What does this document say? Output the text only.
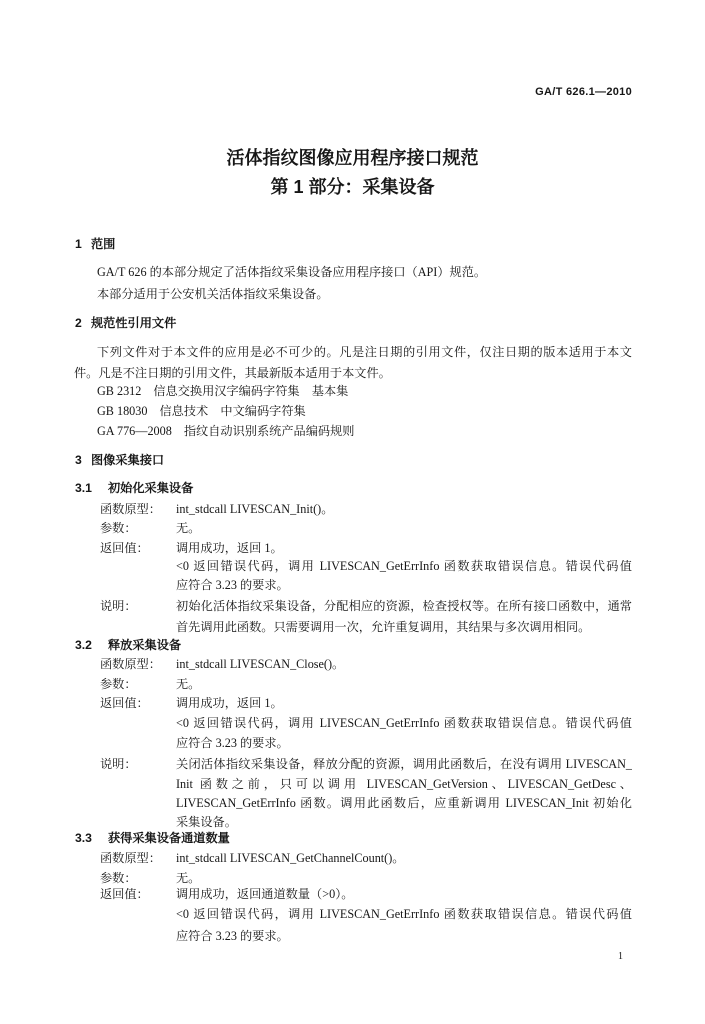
GA/T 626.1—2010
活体指纹图像应用程序接口规范
第 1 部分：采集设备
1 范围
GA/T 626 的本部分规定了活体指纹采集设备应用程序接口（API）规范。
本部分适用于公安机关活体指纹采集设备。
2 规范性引用文件
下列文件对于本文件的应用是必不可少的。凡是注日期的引用文件，仅注日期的版本适用于本文
件。凡是不注日期的引用文件，其最新版本适用于本文件。
GB 2312 信息交换用汉字编码字符集　基本集
GB 18030 信息技术　中文编码字符集
GA 776—2008 指纹自动识别系统产品编码规则
3 图像采集接口
3.1 初始化采集设备
函数原型：	int_stdcall LIVESCAN_Init()。
参数：	无。
返回值：	调用成功，返回 1。
<0 返回错误代码，调用 LIVESCAN_GetErrInfo 函数获取错误信息。错误代码值
应符合 3.23 的要求。
说明：	初始化活体指纹采集设备，分配相应的资源，检查授权等。在所有接口函数中，通常
首先调用此函数。只需要调用一次，允许重复调用，其结果与多次调用相同。
3.2 释放采集设备
函数原型：	int_stdcall LIVESCAN_Close()。
参数：	无。
返回值：	调用成功，返回 1。
<0 返回错误代码，调用 LIVESCAN_GetErrInfo 函数获取错误信息。错误代码值
应符合 3.23 的要求。
说明：	关闭活体指纹采集设备，释放分配的资源，调用此函数后，在没有调用 LIVESCAN_
Init 函数之前，只可以调用 LIVESCAN_GetVersion、LIVESCAN_GetDesc、
LIVESCAN_GetErrInfo 函数。调用此函数后，应重新调用 LIVESCAN_Init 初始化
采集设备。
3.3 获得采集设备通道数量
函数原型：	int_stdcall LIVESCAN_GetChannelCount()。
参数：	无。
返回值：	调用成功，返回通道数量（>0）。
<0 返回错误代码，调用 LIVESCAN_GetErrInfo 函数获取错误信息。错误代码值
应符合 3.23 的要求。
1
